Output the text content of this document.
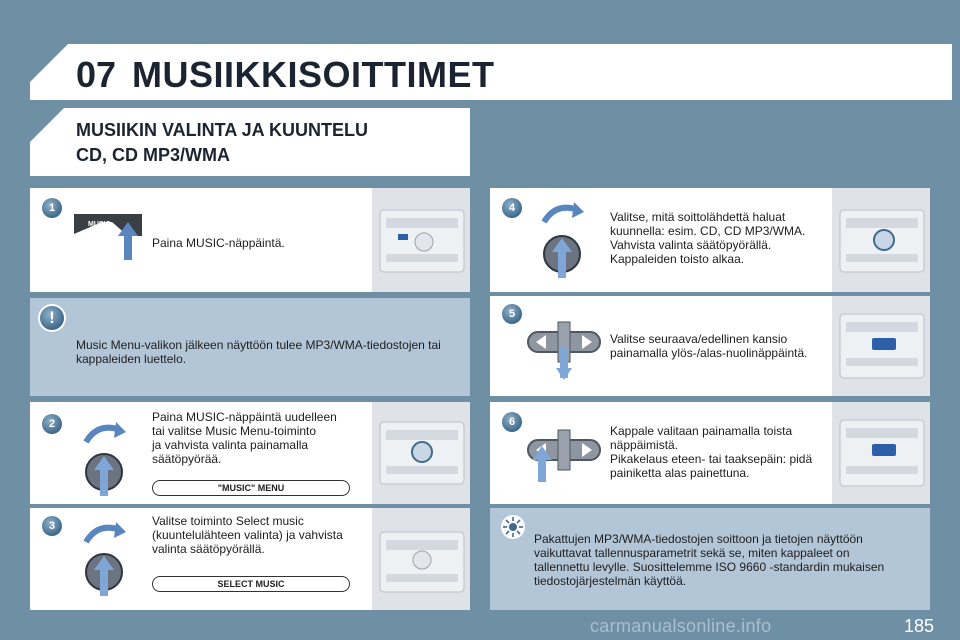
07 MUSIIKKISOITTIMET
MUSIIKIN VALINTA JA KUUNTELU
CD, CD MP3/WMA
1
MUSIC
Paina MUSIC-näppäintä.
!
Music Menu-valikon jälkeen näyttöön tulee MP3/WMA-tiedostojen tai kappaleiden luettelo.
2	Paina MUSIC-näppäintä uudelleen
tai valitse Music Menu-toiminto
ja vahvista valinta painamalla
säätöpyörää.
"MUSIC" MENU
3	Valitse toiminto Select music
(kuuntelulähteen valinta) ja vahvista
valinta säätöpyörällä.
SELECT MUSIC
4
Valitse, mitä soittolähdettä haluat
kuunnella: esim. CD, CD MP3/WMA.
Vahvista valinta säätöpyörällä.
Kappaleiden toisto alkaa.
5
Valitse seuraava/edellinen kansio
painamalla ylös-/alas-nuolinäppäintä.
6
Kappale valitaan painamalla toista
näppäimistä.
Pikakelaus eteen- tai taaksepäin: pidä
painiketta alas painettuna.
Pakattujen MP3/WMA-tiedostojen soittoon ja tietojen näyttöön
vaikuttavat tallennusparametrit sekä se, miten kappaleet on
tallennettu levylle. Suosittelemme ISO 9660 -standardin mukaisen
tiedostojärjestelmän käyttöä.
carmanualsonline.info	185
